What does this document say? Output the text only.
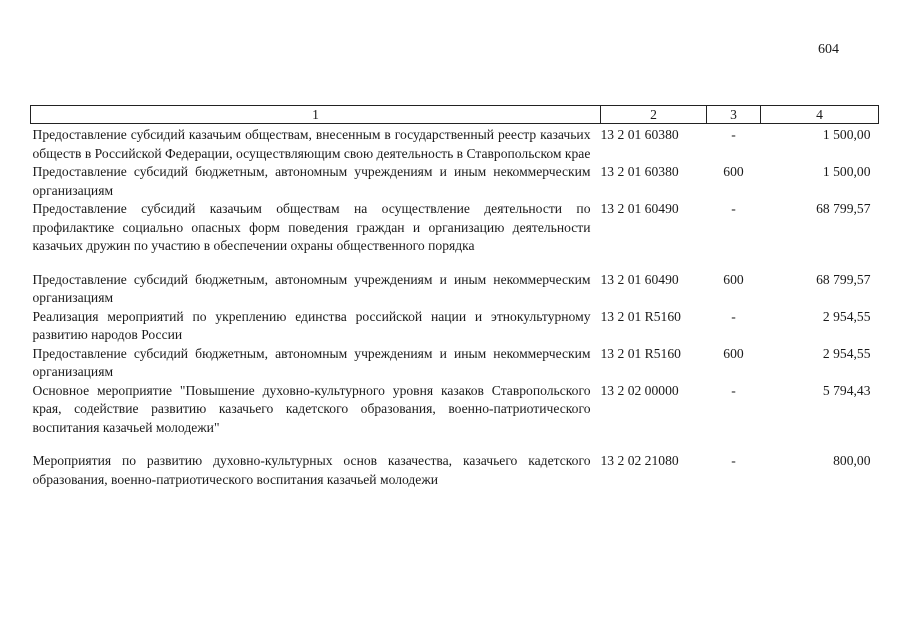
604
1	2	3	4
Предоставление субсидий казачьим обществам, внесенным в государственный реестр казачьих обществ в Российской Федерации, осуществляющим свою деятельность в Ставропольском крае	13 2 01 60380	-	1 500,00
Предоставление субсидий бюджетным, автономным учреждениям и иным некоммерческим организациям	13 2 01 60380	600	1 500,00
Предоставление субсидий казачьим обществам на осуществление деятельности по профилактике социально опасных форм поведения граждан и организацию деятельности казачьих дружин по участию в обеспечении охраны общественного порядка	13 2 01 60490	-	68 799,57
Предоставление субсидий бюджетным, автономным учреждениям и иным некоммерческим организациям	13 2 01 60490	600	68 799,57
Реализация мероприятий по укреплению единства российской нации и этнокультурному развитию народов России	13 2 01 R5160	-	2 954,55
Предоставление субсидий бюджетным, автономным учреждениям и иным некоммерческим организациям	13 2 01 R5160	600	2 954,55
Основное мероприятие "Повышение духовно-культурного уровня казаков Ставропольского края, содействие развитию казачьего кадетского образования, военно-патриотического воспитания казачьей молодежи"	13 2 02 00000	-	5 794,43
Мероприятия по развитию духовно-культурных основ казачества, казачьего кадетского образования, военно-патриотического воспитания казачьей молодежи	13 2 02 21080	-	800,00
